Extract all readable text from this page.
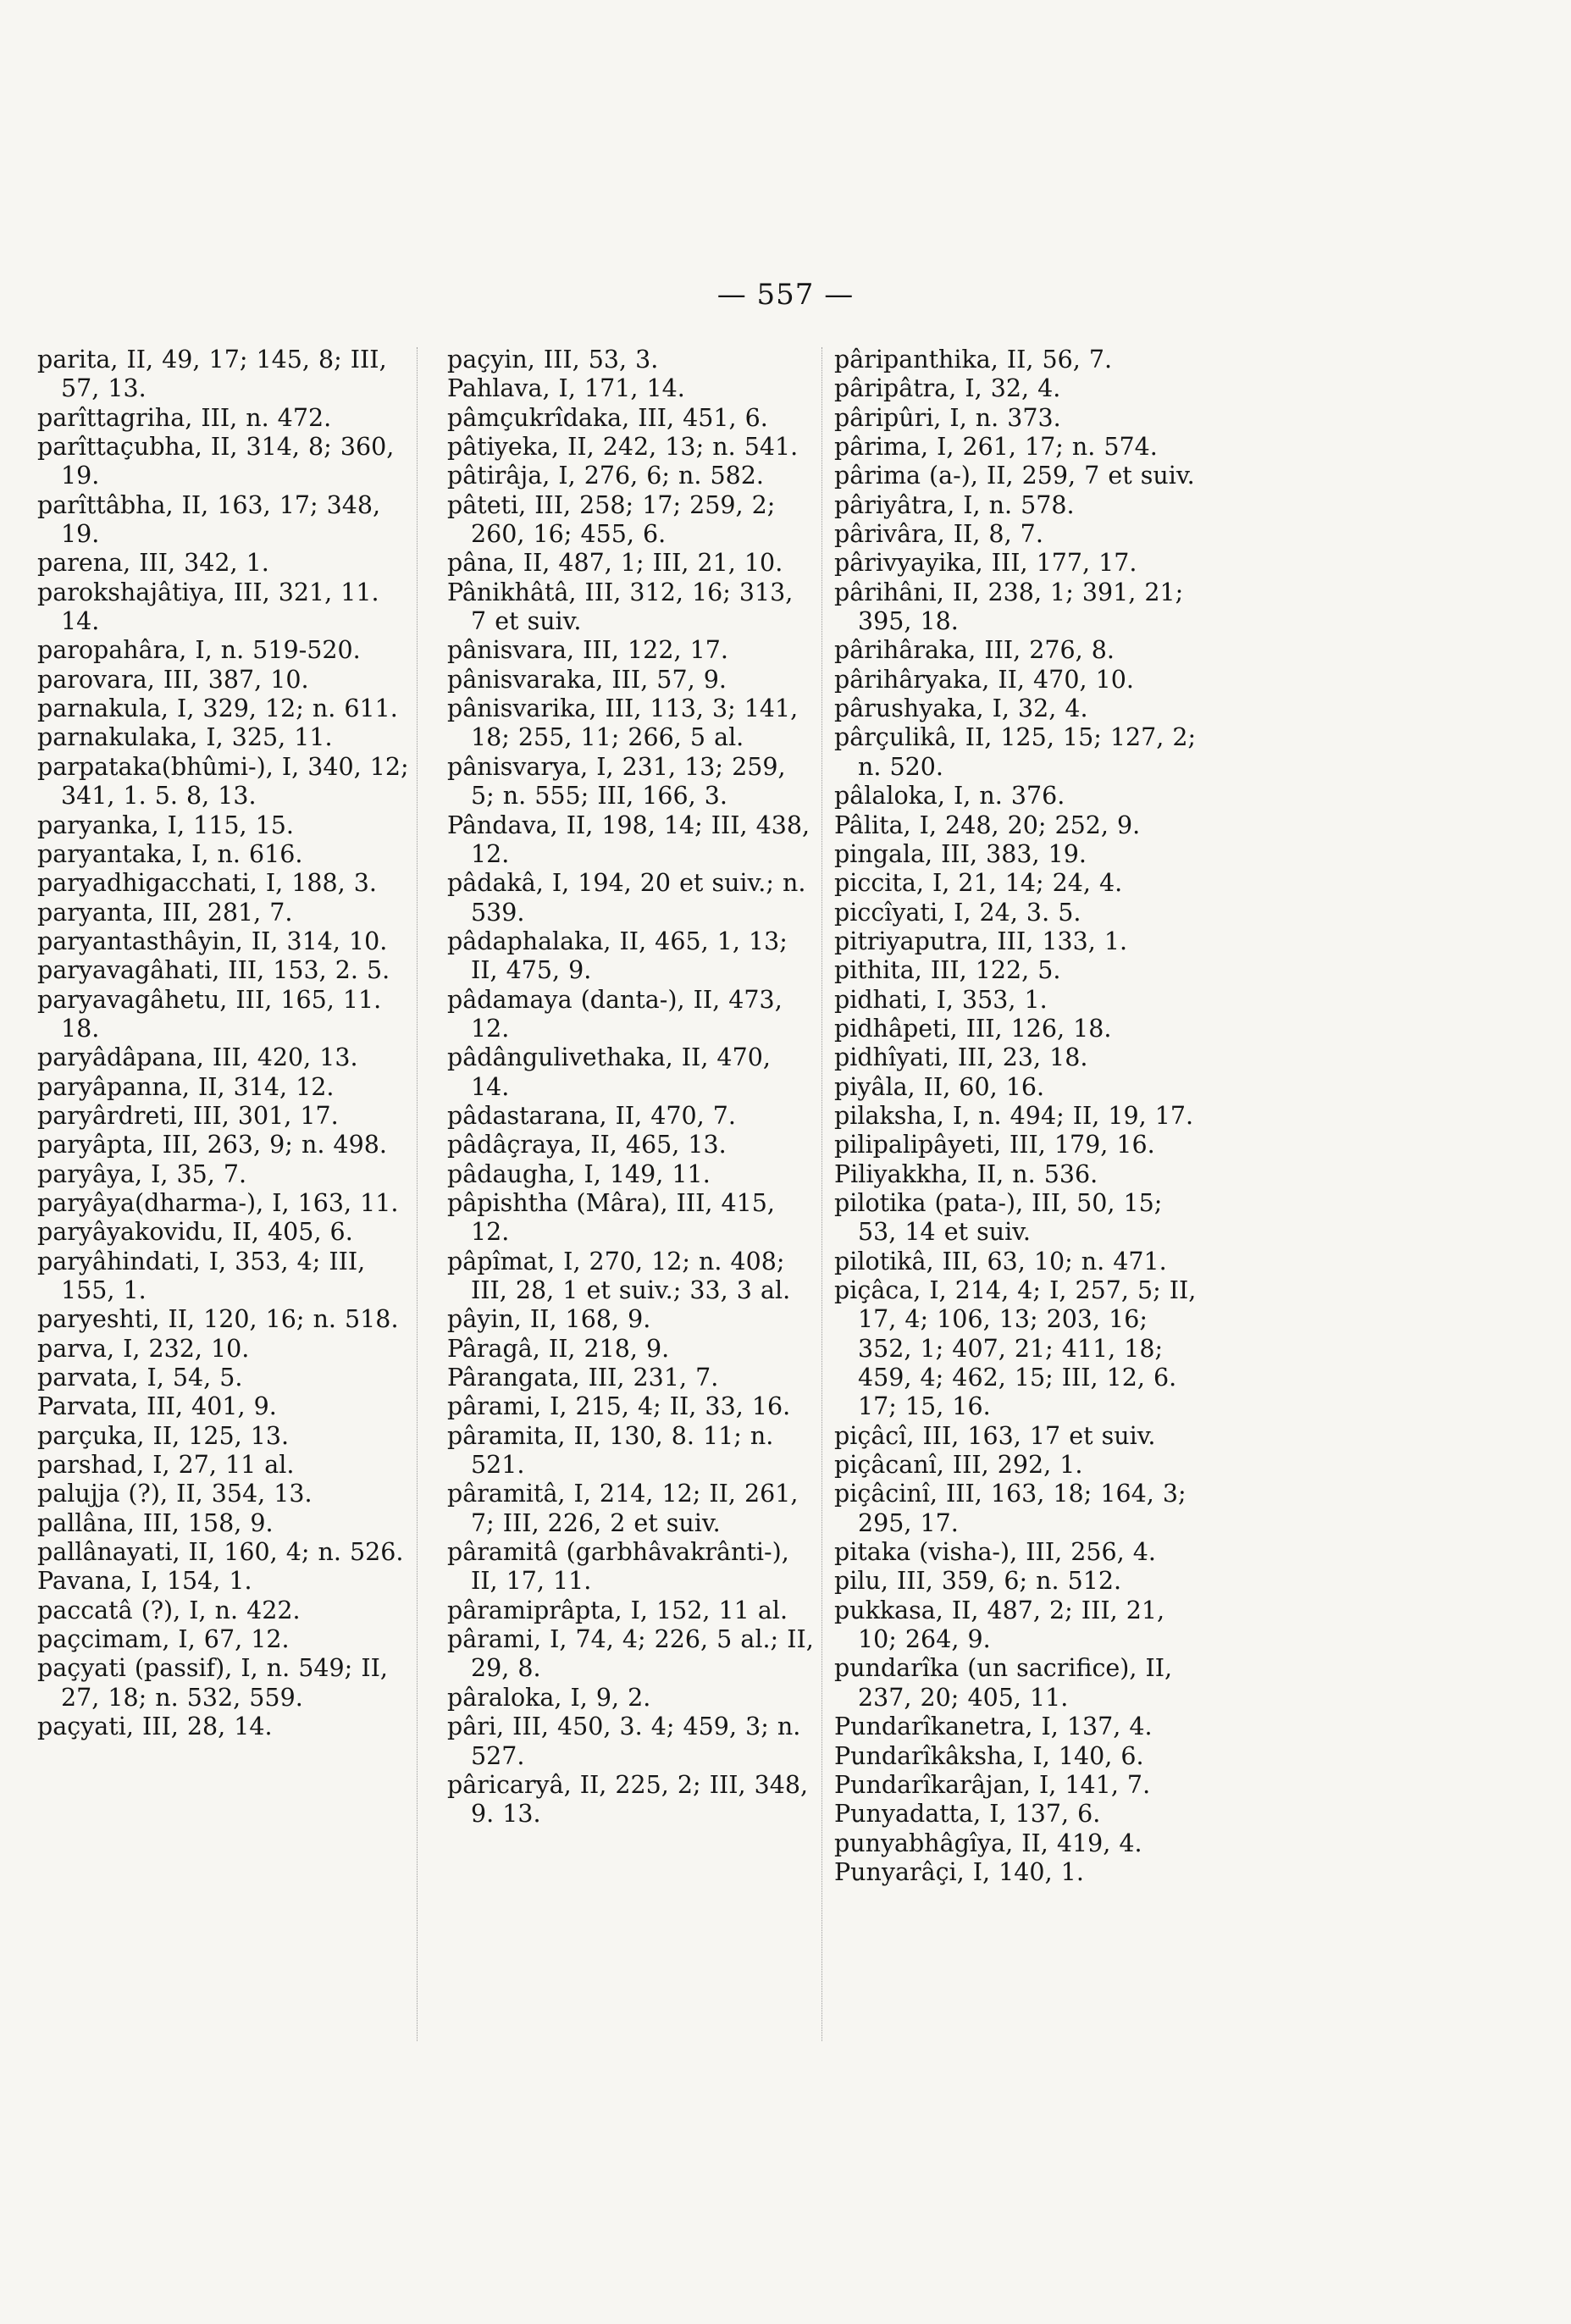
— 557 —
parita, II, 49, 17; 145, 8; III, 57, 13.
parîttagriha, III, n. 472.
parîttaçubha, II, 314, 8; 360, 19.
parîttâbha, II, 163, 17; 348, 19.
parena, III, 342, 1.
parokshajâtiya, III, 321, 11. 14.
paropahâra, I, n. 519-520.
parovara, III, 387, 10.
parnakula, I, 329, 12; n. 611.
parnakulaka, I, 325, 11.
parpataka(bhûmi-), I, 340, 12; 341, 1. 5. 8, 13.
paryanka, I, 115, 15.
paryantaka, I, n. 616.
paryadhigacchati, I, 188, 3.
paryanta, III, 281, 7.
paryantasthâyin, II, 314, 10.
paryavagâhati, III, 153, 2. 5.
paryavagâhetu, III, 165, 11. 18.
paryâdâpana, III, 420, 13.
paryâpanna, II, 314, 12.
paryârdreti, III, 301, 17.
paryâpta, III, 263, 9; n. 498.
paryâya, I, 35, 7.
paryâya(dharma-), I, 163, 11.
paryâyakovidu, II, 405, 6.
paryâhindati, I, 353, 4; III, 155, 1.
paryeshti, II, 120, 16; n. 518.
parva, I, 232, 10.
parvata, I, 54, 5.
Parvata, III, 401, 9.
parçuka, II, 125, 13.
parshad, I, 27, 11 al.
palujja (?), II, 354, 13.
pallâna, III, 158, 9.
pallânayati, II, 160, 4; n. 526.
Pavana, I, 154, 1.
paccatâ (?), I, n. 422.
paçcimam, I, 67, 12.
paçyati (passif), I, n. 549; II, 27, 18; n. 532, 559.
paçyati, III, 28, 14.
paçyin, III, 53, 3.
Pahlava, I, 171, 14.
pâmçukrîdaka, III, 451, 6.
pâtiyeka, II, 242, 13; n. 541.
pâtirâja, I, 276, 6; n. 582.
pâteti, III, 258; 17; 259, 2; 260, 16; 455, 6.
pâna, II, 487, 1; III, 21, 10.
Pânikhâtâ, III, 312, 16; 313, 7 et suiv.
pânisvara, III, 122, 17.
pânisvaraka, III, 57, 9.
pânisvarika, III, 113, 3; 141, 18; 255, 11; 266, 5 al.
pânisvarya, I, 231, 13; 259, 5; n. 555; III, 166, 3.
Pândava, II, 198, 14; III, 438, 12.
pâdakâ, I, 194, 20 et suiv.; n. 539.
pâdaphalaka, II, 465, 1, 13; II, 475, 9.
pâdamaya (danta-), II, 473, 12.
pâdângulivethaka, II, 470, 14.
pâdastarana, II, 470, 7.
pâdâçraya, II, 465, 13.
pâdaugha, I, 149, 11.
pâpishtha (Mâra), III, 415, 12.
pâpîmat, I, 270, 12; n. 408; III, 28, 1 et suiv.; 33, 3 al.
pâyin, II, 168, 9.
Pâragâ, II, 218, 9.
Pârangata, III, 231, 7.
pârami, I, 215, 4; II, 33, 16.
pâramita, II, 130, 8. 11; n. 521.
pâramitâ, I, 214, 12; II, 261, 7; III, 226, 2 et suiv.
pâramitâ (garbhâvakrânti-), II, 17, 11.
pâramiprâpta, I, 152, 11 al.
pârami, I, 74, 4; 226, 5 al.; II, 29, 8.
pâraloka, I, 9, 2.
pâri, III, 450, 3. 4; 459, 3; n. 527.
pâricaryâ, II, 225, 2; III, 348, 9. 13.
pâripanthika, II, 56, 7.
pâripâtra, I, 32, 4.
pâripûri, I, n. 373.
pârima, I, 261, 17; n. 574.
pârima (a-), II, 259, 7 et suiv.
pâriyâtra, I, n. 578.
pârivâra, II, 8, 7.
pârivyayika, III, 177, 17.
pârihâni, II, 238, 1; 391, 21; 395, 18.
pârihâraka, III, 276, 8.
pârihâryaka, II, 470, 10.
pârushyaka, I, 32, 4.
pârçulikâ, II, 125, 15; 127, 2; n. 520.
pâlaloka, I, n. 376.
Pâlita, I, 248, 20; 252, 9.
pingala, III, 383, 19.
piccita, I, 21, 14; 24, 4.
piccîyati, I, 24, 3. 5.
pitriyaputra, III, 133, 1.
pithita, III, 122, 5.
pidhati, I, 353, 1.
pidhâpeti, III, 126, 18.
pidhîyati, III, 23, 18.
piyâla, II, 60, 16.
pilaksha, I, n. 494; II, 19, 17.
pilipalipâyeti, III, 179, 16.
Piliyakkha, II, n. 536.
pilotika (pata-), III, 50, 15; 53, 14 et suiv.
pilotikâ, III, 63, 10; n. 471.
piçâca, I, 214, 4; I, 257, 5; II, 17, 4; 106, 13; 203, 16; 352, 1; 407, 21; 411, 18; 459, 4; 462, 15; III, 12, 6. 17; 15, 16.
piçâcî, III, 163, 17 et suiv.
piçâcanî, III, 292, 1.
piçâcinî, III, 163, 18; 164, 3; 295, 17.
pitaka (visha-), III, 256, 4.
pilu, III, 359, 6; n. 512.
pukkasa, II, 487, 2; III, 21, 10; 264, 9.
pundarîka (un sacrifice), II, 237, 20; 405, 11.
Pundarîkanetra, I, 137, 4.
Pundarîkâksha, I, 140, 6.
Pundarîkarâjan, I, 141, 7.
Punyadatta, I, 137, 6.
punyabhâgîya, II, 419, 4.
Punyarâçi, I, 140, 1.
